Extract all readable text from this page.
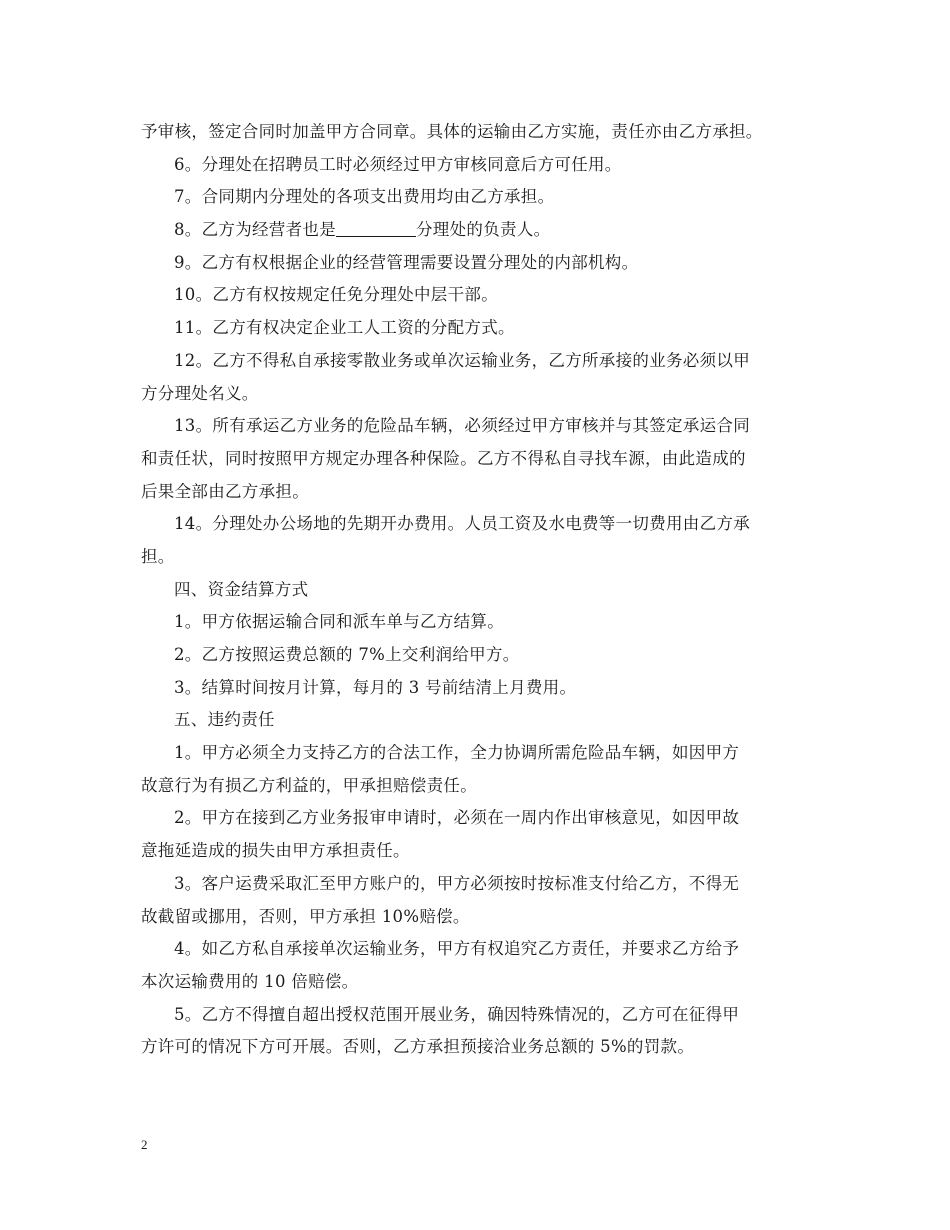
予审核，签定合同时加盖甲方合同章。具体的运输由乙方实施，责任亦由乙方承担。
6。分理处在招聘员工时必须经过甲方审核同意后方可任用。
7。合同期内分理处的各项支出费用均由乙方承担。
8。乙方为经营者也是	分理处的负责人。
9。乙方有权根据企业的经营管理需要设置分理处的内部机构。
10。乙方有权按规定任免分理处中层干部。
11。乙方有权决定企业工人工资的分配方式。
12。乙方不得私自承接零散业务或单次运输业务，乙方所承接的业务必须以甲
方分理处名义。
13。所有承运乙方业务的危险品车辆，必须经过甲方审核并与其签定承运合同
和责任状，同时按照甲方规定办理各种保险。乙方不得私自寻找车源，由此造成的
后果全部由乙方承担。
14。分理处办公场地的先期开办费用。人员工资及水电费等一切费用由乙方承
担。
四、资金结算方式
1。甲方依据运输合同和派车单与乙方结算。
2。乙方按照运费总额的 7%上交利润给甲方。
3。结算时间按月计算，每月的 3 号前结清上月费用。
五、违约责任
1。甲方必须全力支持乙方的合法工作，全力协调所需危险品车辆，如因甲方
故意行为有损乙方利益的，甲承担赔偿责任。
2。甲方在接到乙方业务报审申请时，必须在一周内作出审核意见，如因甲故
意拖延造成的损失由甲方承担责任。
3。客户运费采取汇至甲方账户的，甲方必须按时按标准支付给乙方，不得无
故截留或挪用，否则，甲方承担 10%赔偿。
4。如乙方私自承接单次运输业务，甲方有权追究乙方责任，并要求乙方给予
本次运输费用的 10 倍赔偿。
5。乙方不得擅自超出授权范围开展业务，确因特殊情况的，乙方可在征得甲
方许可的情况下方可开展。否则，乙方承担预接洽业务总额的 5%的罚款。
2
